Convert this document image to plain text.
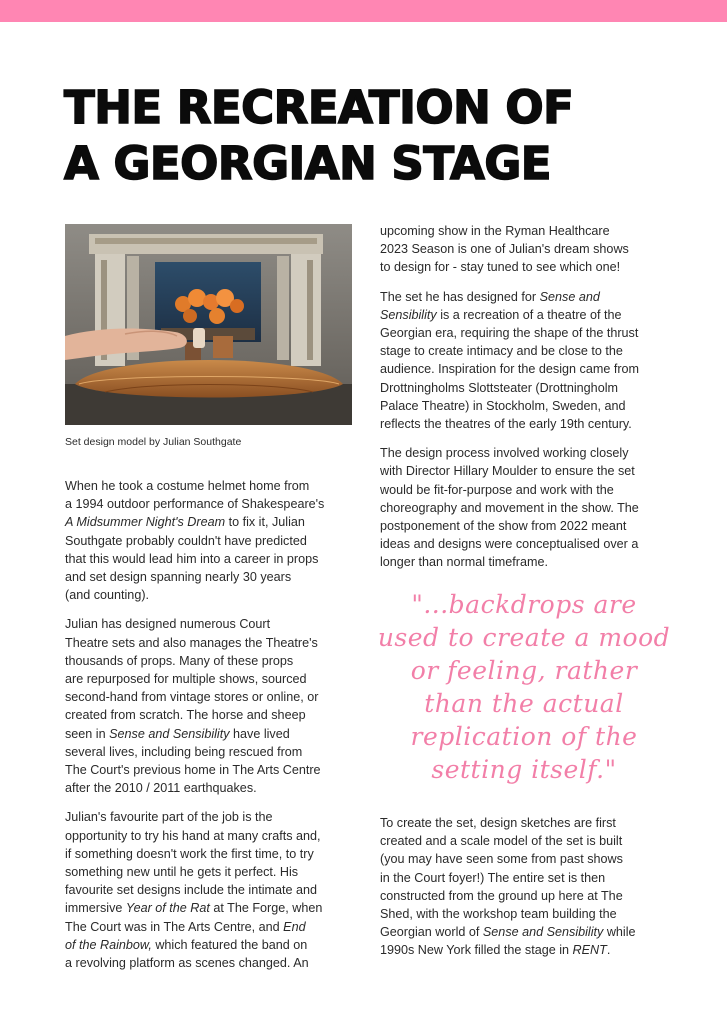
THE RECREATION OF
A GEORGIAN STAGE
Set design model by Julian Southgate

When he took a costume helmet home from
a 1994 outdoor performance of Shakespeare's
A Midsummer Night's Dream to fix it, Julian
Southgate probably couldn't have predicted
that this would lead him into a career in props
and set design spanning nearly 30 years
(and counting).

Julian has designed numerous Court
Theatre sets and also manages the Theatre's
thousands of props. Many of these props
are repurposed for multiple shows, sourced
second-hand from vintage stores or online, or
created from scratch. The horse and sheep
seen in Sense and Sensibility have lived
several lives, including being rescued from
The Court's previous home in The Arts Centre
after the 2010 / 2011 earthquakes.

Julian's favourite part of the job is the
opportunity to try his hand at many crafts and,
if something doesn't work the first time, to try
something new until he gets it perfect. His
favourite set designs include the intimate and
immersive Year of the Rat at The Forge, when
The Court was in The Arts Centre, and End
of the Rainbow, which featured the band on
a revolving platform as scenes changed. An

upcoming show in the Ryman Healthcare
2023 Season is one of Julian's dream shows
to design for - stay tuned to see which one!

The set he has designed for Sense and
Sensibility is a recreation of a theatre of the
Georgian era, requiring the shape of the thrust
stage to create intimacy and be close to the
audience. Inspiration for the design came from
Drottningholms Slottsteater (Drottningholm
Palace Theatre) in Stockholm, Sweden, and
reflects the theatres of the early 19th century.

The design process involved working closely
with Director Hillary Moulder to ensure the set
would be fit-for-purpose and work with the
choreography and movement in the show. The
postponement of the show from 2022 meant
ideas and designs were conceptualised over a
longer than normal timeframe.

"...backdrops are
used to create a mood
or feeling, rather
than the actual
replication of the
setting itself."

To create the set, design sketches are first
created and a scale model of the set is built
(you may have seen some from past shows
in the Court foyer!) The entire set is then
constructed from the ground up here at The
Shed, with the workshop team building the
Georgian world of Sense and Sensibility while
1990s New York filled the stage in RENT.
